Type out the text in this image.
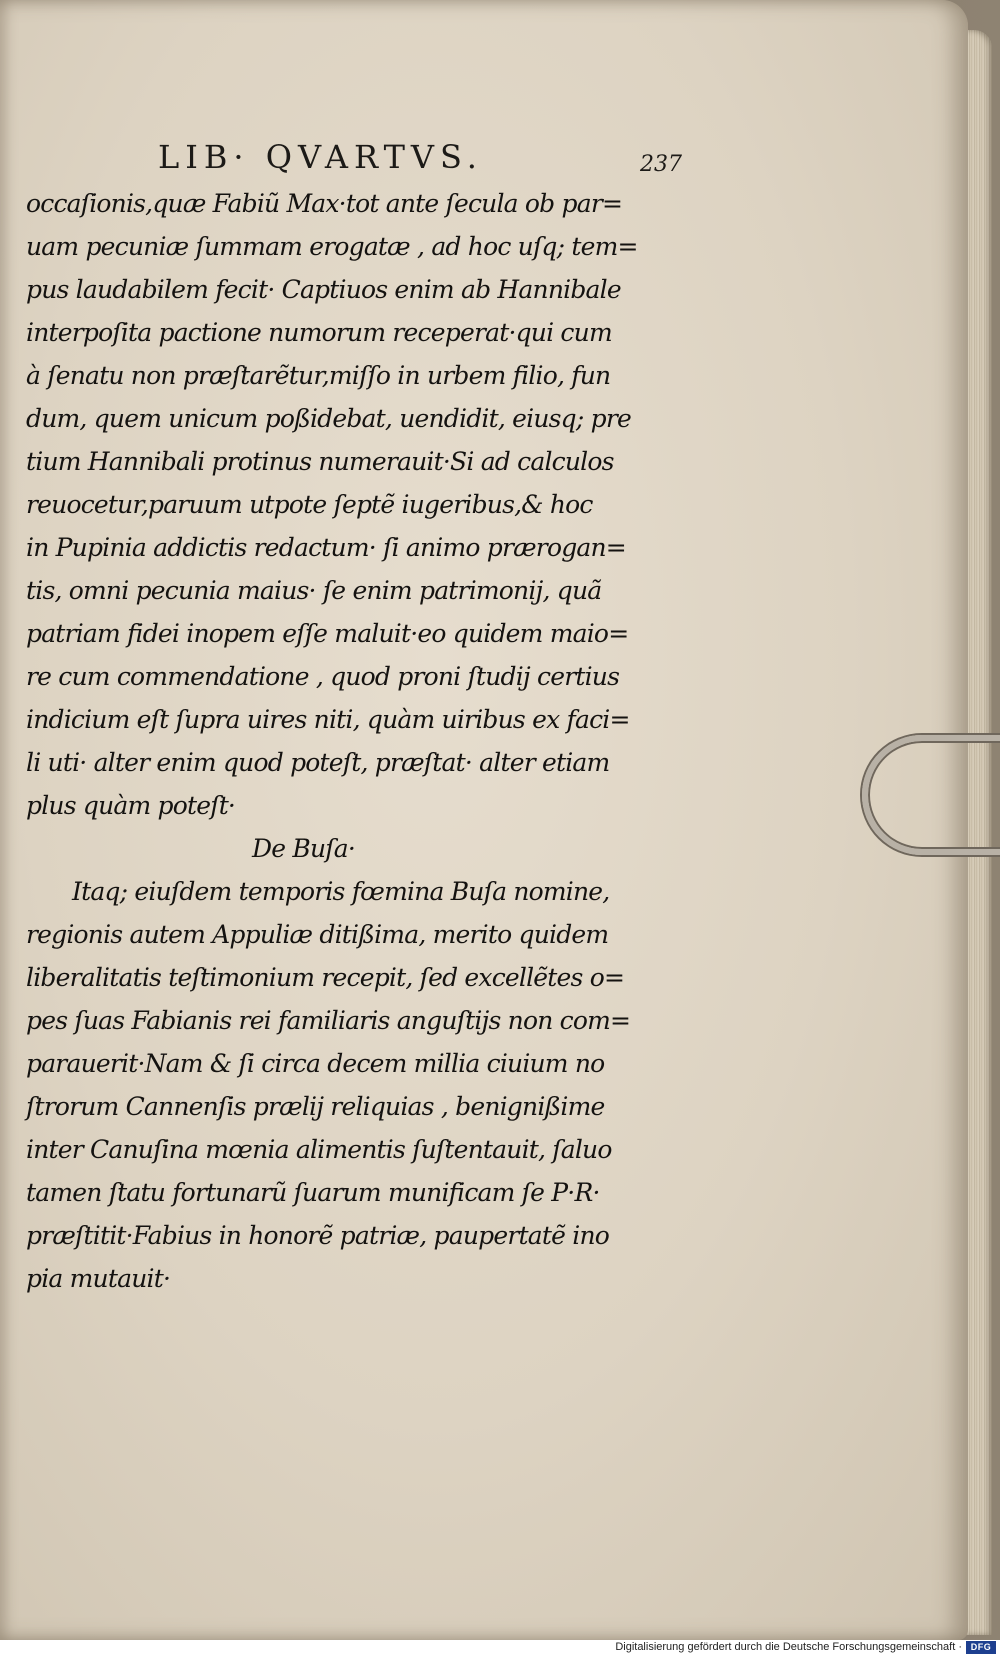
LIB· QVARTVS.	237
occaſionis,quæ Fabiũ Max·tot ante ſecula ob par=
uam pecuniæ ſummam erogatæ , ad hoc uſq; tem=
pus laudabilem fecit· Captiuos enim ab Hannibale
interpoſita pactione numorum receperat·qui cum
à ſenatu non præſtarẽtur,miſſo in urbem filio, fun
dum, quem unicum poßidebat, uendidit, eiusq; pre
tium Hannibali protinus numerauit·Si ad calculos
reuocetur,paruum utpote ſeptẽ iugeribus,& hoc
in Pupinia addictis redactum· ſi animo prærogan=
tis, omni pecunia maius· ſe enim patrimonij, quã
patriam fidei inopem eſſe maluit·eo quidem maio=
re cum commendatione , quod proni ſtudij certius
indicium eſt ſupra uires niti, quàm uiribus ex faci=
li uti· alter enim quod poteſt, præſtat· alter etiam
plus quàm poteſt·
De Buſa·
Itaq; eiuſdem temporis fœmina Buſa nomine,
regionis autem Appuliæ ditißima, merito quidem
liberalitatis teſtimonium recepit, ſed excellẽtes o=
pes ſuas Fabianis rei familiaris anguſtijs non com=
parauerit·Nam & ſi circa decem millia ciuium no
ſtrorum Cannenſis prælij reliquias , benignißime
inter Canuſina mœnia alimentis ſuſtentauit, ſaluo
tamen ſtatu fortunarũ ſuarum munificam ſe P·R·
præſtitit·Fabius in honorẽ patriæ, paupertatẽ ino
pia mutauit·
Digitalisierung gefördert durch die Deutsche Forschungsgemeinschaft · DFG
